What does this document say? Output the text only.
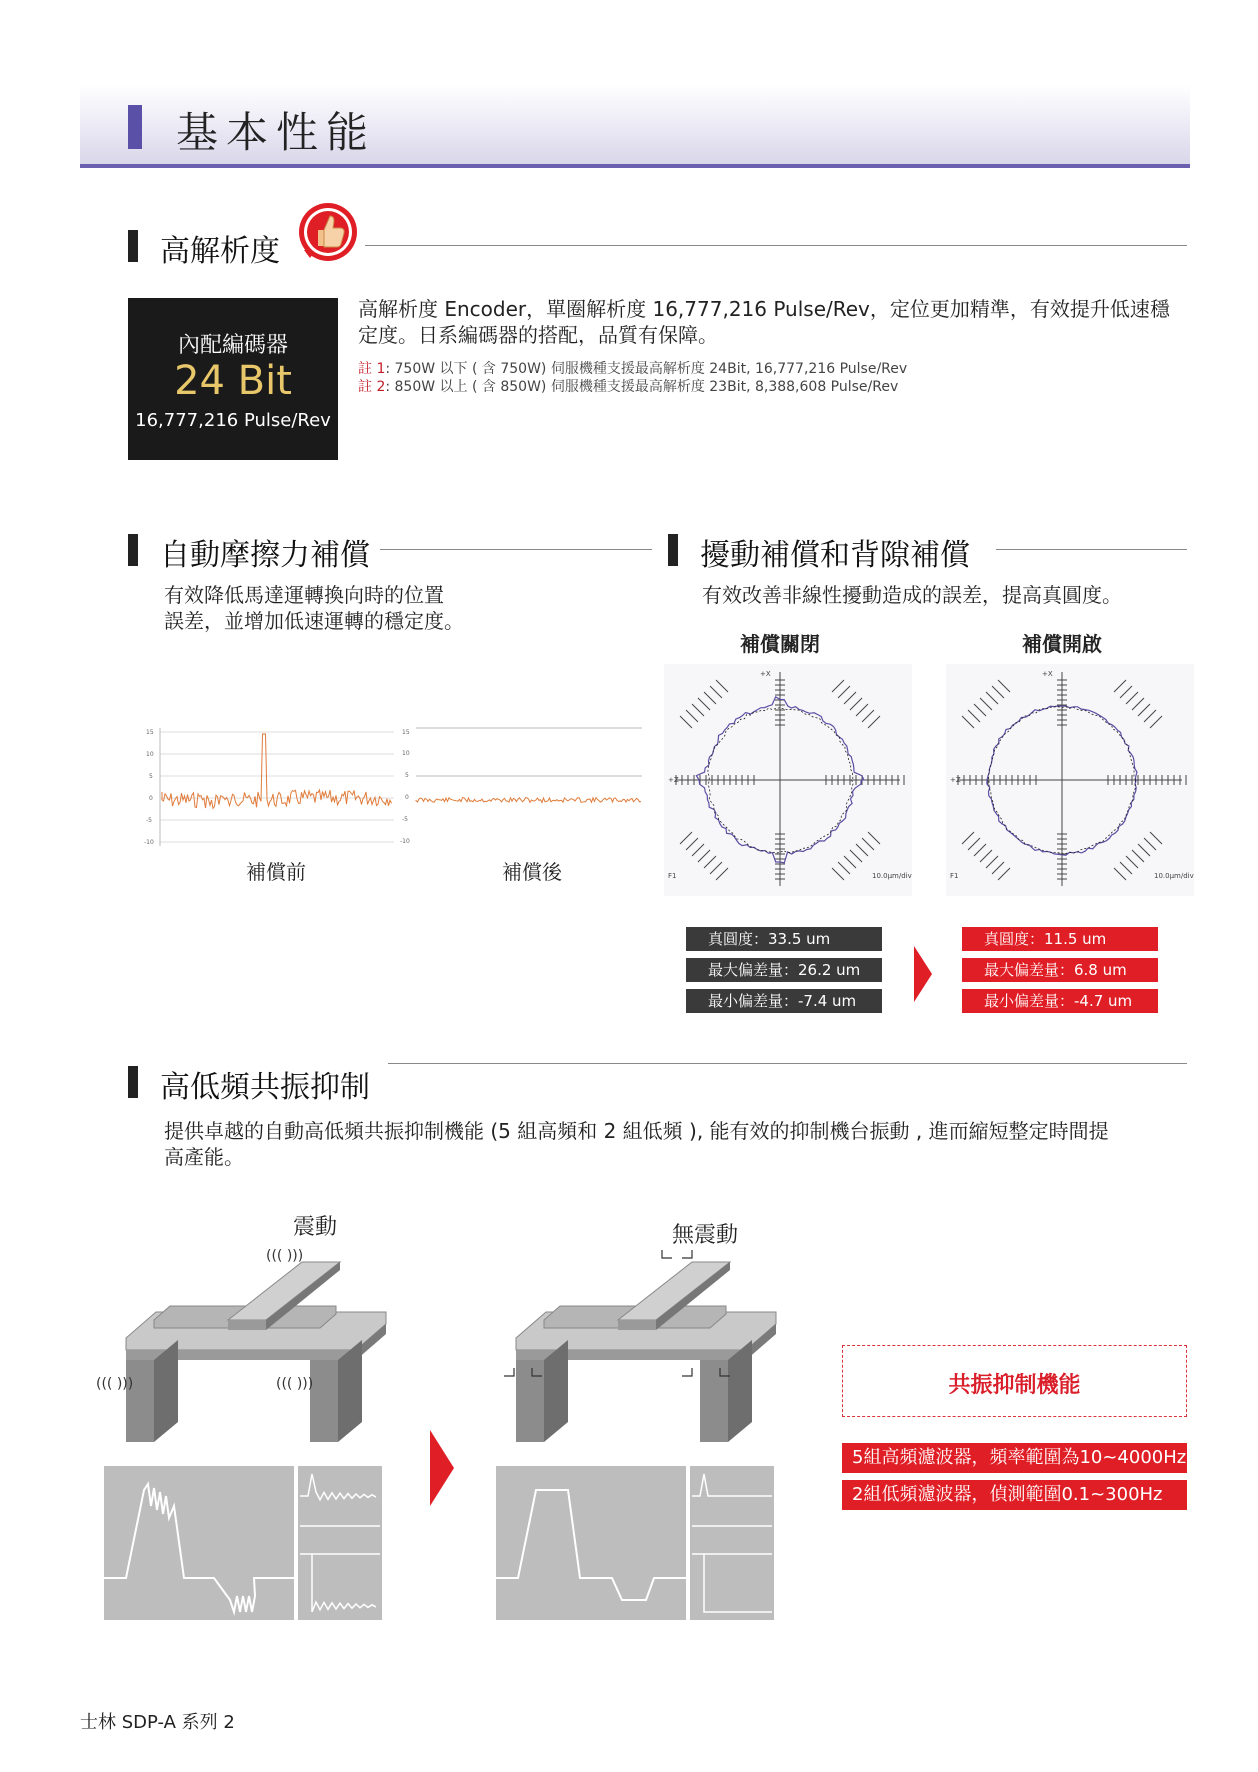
基本性能
高解析度
內配編碼器
24 Bit
16,777,216 Pulse/Rev
高解析度 Encoder，單圈解析度 16,777,216 Pulse/Rev，定位更加精準，有效提升低速穩
定度。日系編碼器的搭配，品質有保障。
註 1: 750W 以下 ( 含 750W) 伺服機種支援最高解析度 24Bit, 16,777,216 Pulse/Rev
註 2: 850W 以上 ( 含 850W) 伺服機種支援最高解析度 23Bit, 8,388,608 Pulse/Rev
自動摩擦力補償
有效降低馬達運轉換向時的位置
誤差，並增加低速運轉的穩定度。
15
10
5
0
-5
-10
15
10
5
0
-5
-10
補償前	補償後
擾動補償和背隙補償
有效改善非線性擾動造成的誤差，提高真圓度。
補償關閉	補償開啟
+X
+Z
F1	10.0μm/div
+X
+Z
F1	10.0μm/div
真圓度：33.5 um
最大偏差量：26.2 um
最小偏差量：-7.4 um
真圓度：11.5 um
最大偏差量：6.8 um
最小偏差量：-4.7 um
高低頻共振抑制
提供卓越的自動高低頻共振抑制機能 (5 組高頻和 2 組低頻 ), 能有效的抑制機台振動 , 進而縮短整定時間提
高產能。
震動	無震動
((( )))
((( )))	((( )))	共振抑制機能
5組高頻濾波器，頻率範圍為10~4000Hz
2組低頻濾波器，偵測範圍0.1~300Hz
士林 SDP-A 系列 2
